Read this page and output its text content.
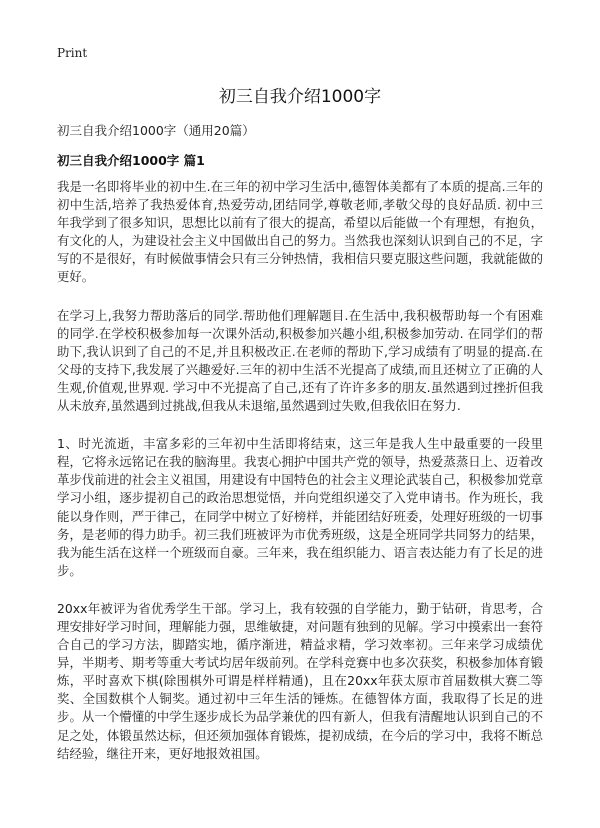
Print
初三自我介绍1000字

初三自我介绍1000字（通用20篇）

初三自我介绍1000字 篇1

我是一名即将毕业的初中生.在三年的初中学习生活中,德智体美都有了本质的提高.三年的初中生活,培养了我热爱体育,热爱劳动,团结同学,尊敬老师,孝敬父母的良好品质. 初中三年我学到了很多知识，思想比以前有了很大的提高，希望以后能做一个有理想，有抱负，有文化的人，为建设社会主义中国做出自己的努力。当然我也深刻认识到自己的不足，字写的不是很好，有时候做事情会只有三分钟热情，我相信只要克服这些问题，我就能做的更好。

在学习上,我努力帮助落后的同学.帮助他们理解题目.在生活中,我积极帮助每一个有困难的同学.在学校积极参加每一次课外活动,积极参加兴趣小组,积极参加劳动. 在同学们的帮助下,我认识到了自己的不足,并且积极改正.在老师的帮助下,学习成绩有了明显的提高.在父母的支持下,我发展了兴趣爱好.三年的初中生活不光提高了成绩,而且还树立了正确的人生观,价值观,世界观. 学习中不光提高了自己,还有了许许多多的朋友.虽然遇到过挫折但我从未放弃,虽然遇到过挑战,但我从未退缩,虽然遇到过失败,但我依旧在努力.

1、时光流逝，丰富多彩的三年初中生活即将结束，这三年是我人生中最重要的一段里程，它将永远铭记在我的脑海里。我衷心拥护中国共产党的领导，热爱蒸蒸日上、迈着改革步伐前进的社会主义祖国，用建设有中国特色的社会主义理论武装自己，积极参加党章学习小组，逐步提初自己的政治思想觉悟，并向党组织递交了入党申请书。作为班长，我能以身作则，严于律己，在同学中树立了好榜样，并能团结好班委，处理好班级的一切事务，是老师的得力助手。初三我们班被评为市优秀班级，这是全班同学共同努力的结果，我为能生活在这样一个班级而自豪。三年来，我在组织能力、语言表达能力有了长足的进步。

20xx年被评为省优秀学生干部。学习上，我有较强的自学能力，勤于钻研，肯思考，合理安排好学习时间，理解能力强，思维敏捷，对问题有独到的见解。学习中摸索出一套符合自己的学习方法，脚踏实地，循序渐进，精益求精，学习效率初。三年来学习成绩优异，半期考、期考等重大考试均居年级前列。在学科竞赛中也多次获奖，积极参加体育锻炼，平时喜欢下棋(除围棋外可谓是样样精通)，且在20xx年获太原市首届数棋大赛二等奖、全国数棋个人铜奖。通过初中三年生活的锤炼。在德智体方面，我取得了长足的进步。从一个懵懂的中学生逐步成长为品学兼优的四有新人，但我有清醒地认识到自己的不足之处，体锻虽然达标，但还须加强体育锻炼，提初成绩，在今后的学习中，我将不断总结经验，继往开来，更好地报效祖国。
